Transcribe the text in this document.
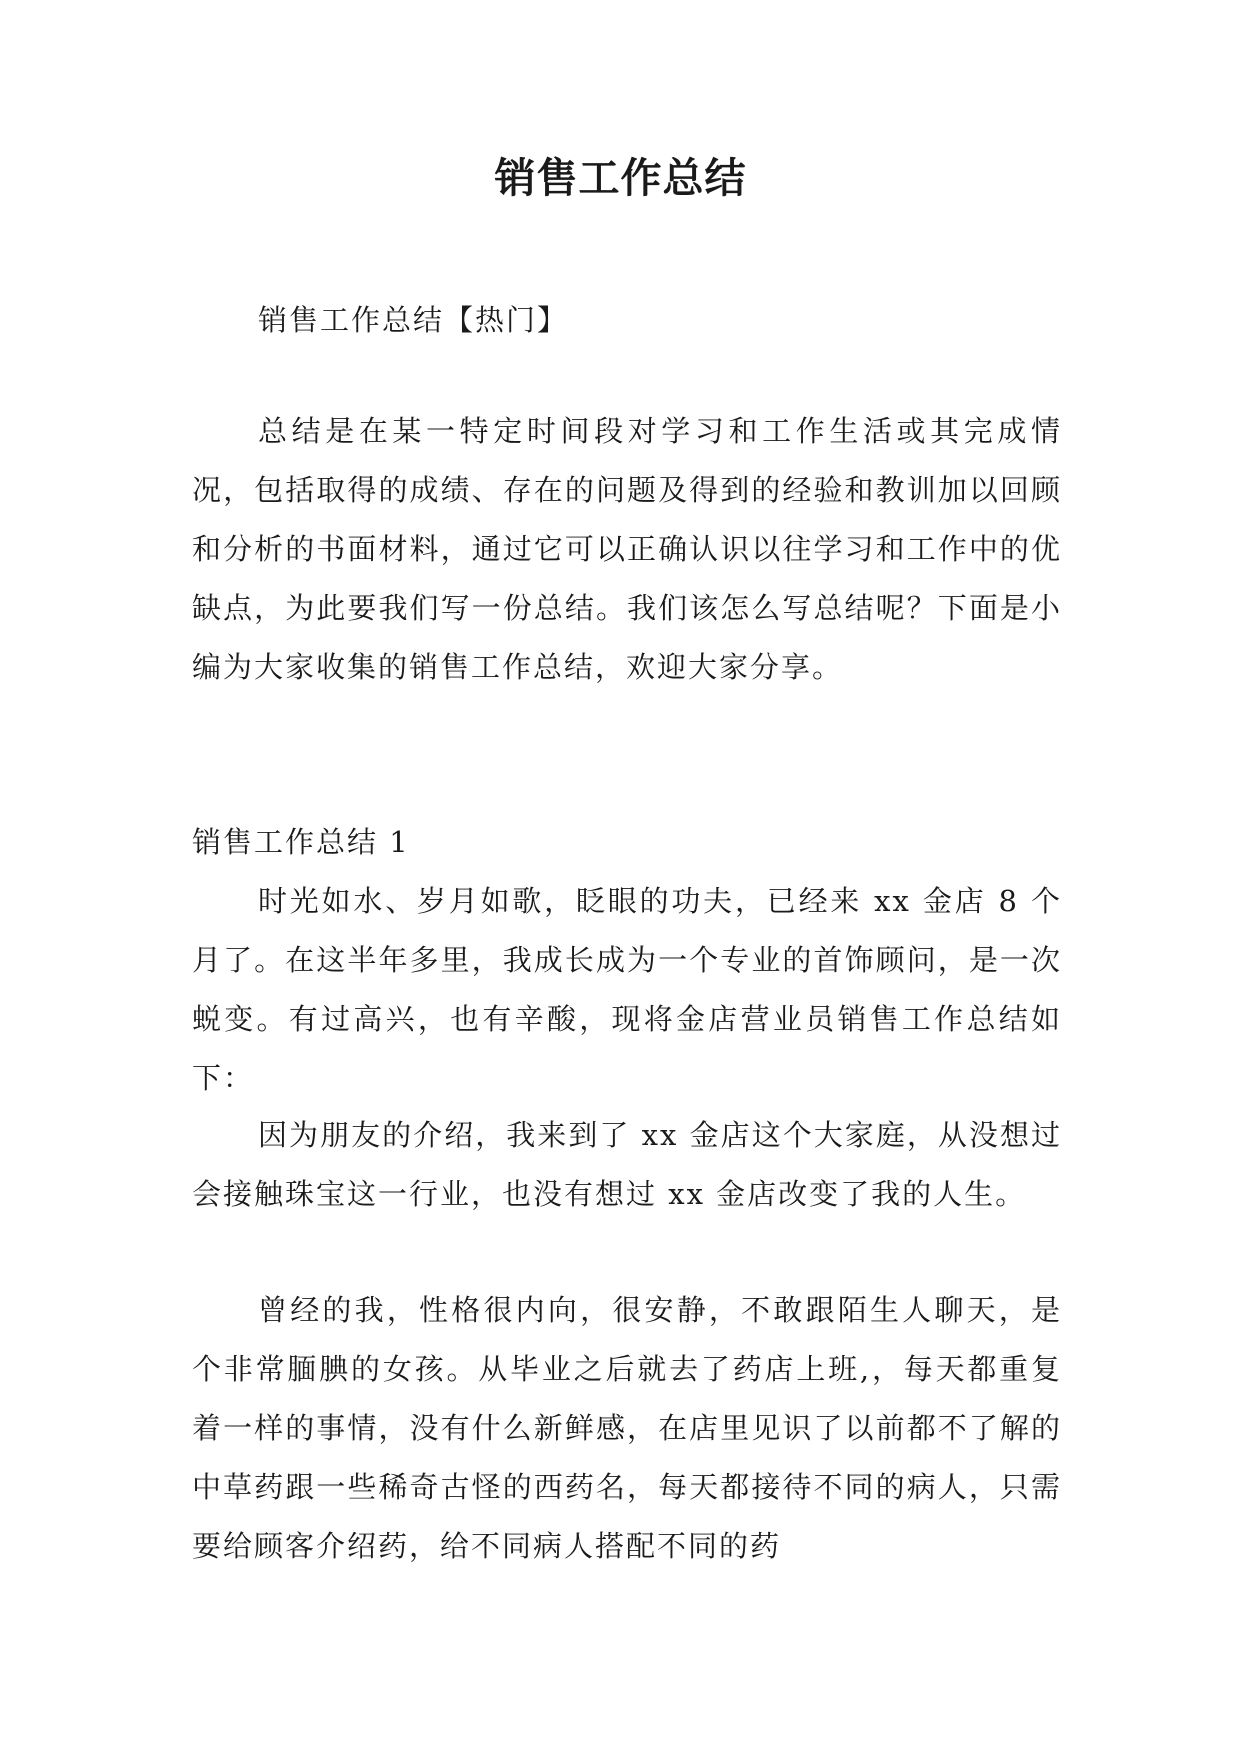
销售工作总结

销售工作总结【热门】

总结是在某一特定时间段对学习和工作生活或其完成情况，包括取得的成绩、存在的问题及得到的经验和教训加以回顾和分析的书面材料，通过它可以正确认识以往学习和工作中的优缺点，为此要我们写一份总结。我们该怎么写总结呢？下面是小编为大家收集的销售工作总结，欢迎大家分享。

销售工作总结 1

时光如水、岁月如歌，眨眼的功夫，已经来 xx 金店 8 个月了。在这半年多里，我成长成为一个专业的首饰顾问，是一次蜕变。有过高兴，也有辛酸，现将金店营业员销售工作总结如下：

因为朋友的介绍，我来到了 xx 金店这个大家庭，从没想过会接触珠宝这一行业，也没有想过 xx 金店改变了我的人生。

曾经的我，性格很内向，很安静，不敢跟陌生人聊天，是个非常腼腆的女孩。从毕业之后就去了药店上班,，每天都重复着一样的事情，没有什么新鲜感，在店里见识了以前都不了解的中草药跟一些稀奇古怪的西药名，每天都接待不同的病人，只需要给顾客介绍药，给不同病人搭配不同的药
